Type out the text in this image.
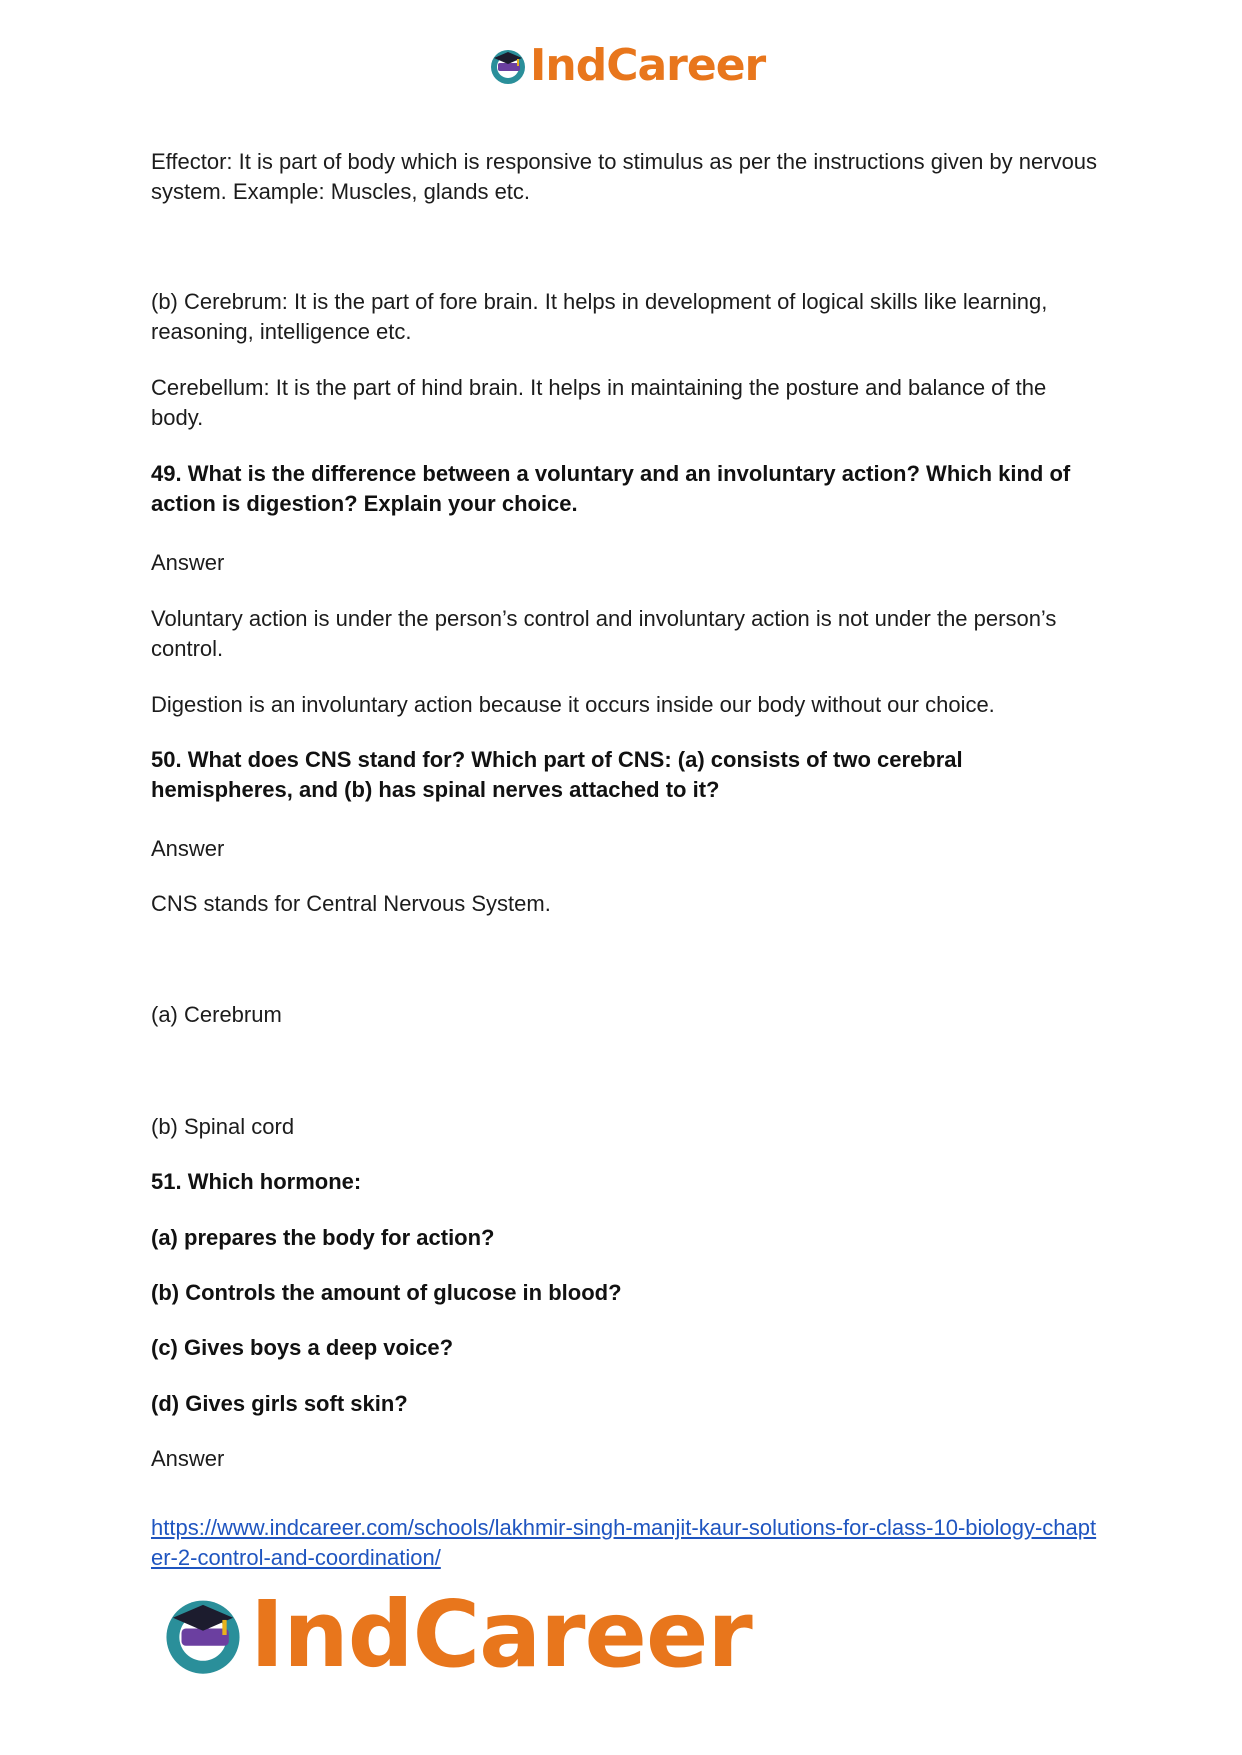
IndCareer

Effector: It is part of body which is responsive to stimulus as per the instructions given by nervous system. Example: Muscles, glands etc.

(b) Cerebrum: It is the part of fore brain. It helps in development of logical skills like learning, reasoning, intelligence etc.

Cerebellum: It is the part of hind brain. It helps in maintaining the posture and balance of the body.

49. What is the difference between a voluntary and an involuntary action? Which kind of action is digestion? Explain your choice.

Answer

Voluntary action is under the person’s control and involuntary action is not under the person’s control.

Digestion is an involuntary action because it occurs inside our body without our choice.

50. What does CNS stand for? Which part of CNS: (a) consists of two cerebral hemispheres, and (b) has spinal nerves attached to it?

Answer

CNS stands for Central Nervous System.

(a) Cerebrum

(b) Spinal cord

51. Which hormone:

(a) prepares the body for action?

(b) Controls the amount of glucose in blood?

(c) Gives boys a deep voice?

(d) Gives girls soft skin?

Answer

https://www.indcareer.com/schools/lakhmir-singh-manjit-kaur-solutions-for-class-10-biology-chapter-2-control-and-coordination/

IndCareer
